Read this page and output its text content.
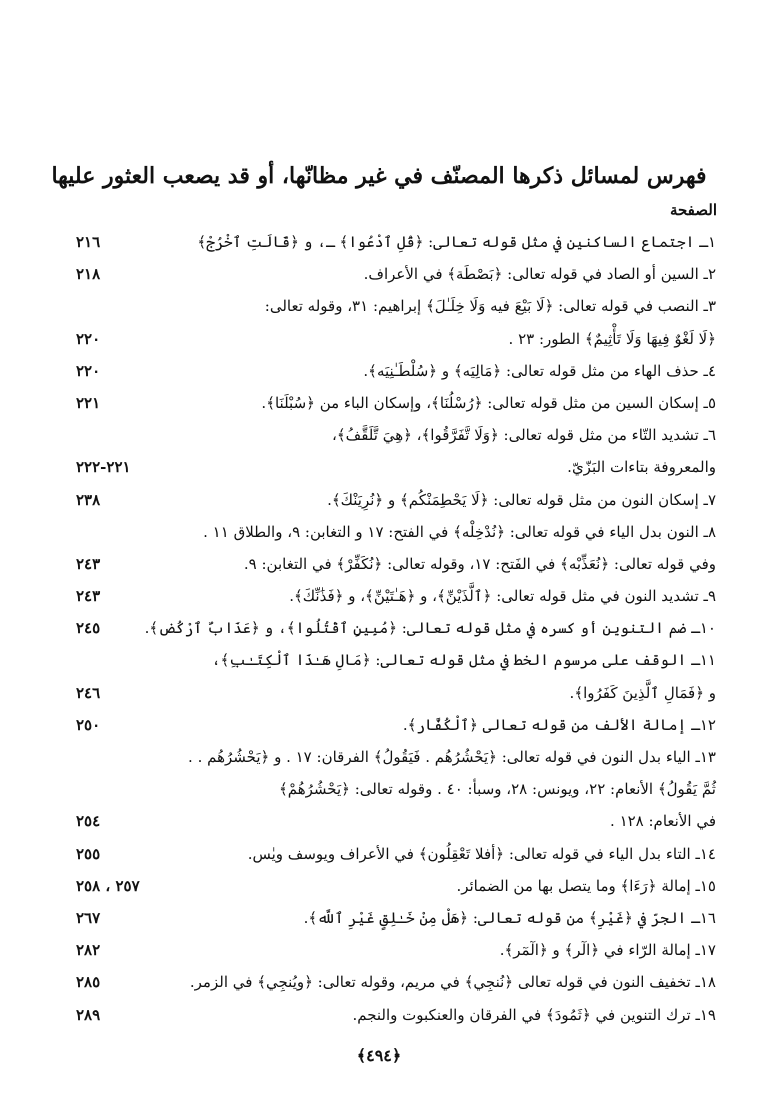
فهرس لمسائل ذكرها المصنّف في غير مظانّها، أو قد يصعب العثور عليها
الصفحة
١ـ اجتماع الساكنين في مثل قوله تعالى: ﴿قُلِ ٱدْعُوا﴾ ـ، و ﴿قَالَتِ ٱخْرُجْ﴾
٢١٦
٢ـ السين أو الصاد في قوله تعالى: ﴿بَصْطَة﴾ في الأعراف.
٢١٨
٣ـ النصب في قوله تعالى: ﴿لَا بَيْعَ فيه وَلَا خِلَـٰلَ﴾ إبراهيم: ٣١، وقوله تعالى:
﴿لَا لَغْوٌ فِيهَا وَلَا تَأْثِيمٌ﴾ الطور: ٢٣ .
٢٢٠
٤ـ حذف الهاء من مثل قوله تعالى: ﴿مَالِيَه﴾ و ﴿سُلْطَـٰنِيَه﴾.
٢٢٠
٥ـ إسكان السين من مثل قوله تعالى: ﴿رُسْلُنَا﴾، وإسكان الباء من ﴿سُبْلَنَا﴾.
٢٢١
٦ـ تشديد التّاء من مثل قوله تعالى: ﴿وَلَا تَّفَرَّقُوا﴾، ﴿هِيَ تَّلَقَّفُ﴾،
والمعروفة بتاءات البَزّيّ.
٢٢١-٢٢٢
٧ـ إسكان النون من مثل قوله تعالى: ﴿لَا يَحْطِمَنْكُم﴾ و ﴿نُرِيَنْكَ﴾.
٢٣٨
٨ـ النون بدل الياء في قوله تعالى: ﴿نُدْخِلْه﴾ في الفتح: ١٧ و التغابن: ٩، والطلاق ١١ .
وفي قوله تعالى: ﴿نُعَذِّبْه﴾ في الفَتح: ١٧، وقوله تعالى: ﴿نُكَفِّرْ﴾ في التغابن: ٩.
٢٤٣
٩ـ تشديد النون في مثل قوله تعالى: ﴿ٱلَّذَيْنِّ﴾، و ﴿هَـٰتَيْنِّ﴾، و ﴿فَذَٰنِّكَ﴾.
٢٤٣
١٠ـ ضم التنوين أو كسره في مثل قوله تعالى: ﴿مُبِينٍ ٱقْتُلُوا﴾، و ﴿عَذَابٌ ٱرْكُض﴾.
٢٤٥
١١ـ الوقف على مرسوم الخط في مثل قوله تعالى: ﴿مَالِ هَـٰذَا ٱلْكِتَـٰبِ﴾،
و ﴿فَمَالِ ٱلَّذِينَ كَفَرُوا﴾.
٢٤٦
١٢ـ إمالة الألف من قوله تعالى ﴿ٱلْكُفَّار﴾.
٢٥٠
١٣ـ الياء بدل النون في قوله تعالى: ﴿يَحْشُرُهُم . فَيَقُولُ﴾ الفرقان: ١٧ . و ﴿يَحْشُرُهُم . .
ثُمَّ يَقُولُ﴾ الأنعام: ٢٢، ويونس: ٢٨، وسبأ: ٤٠ . وقوله تعالى: ﴿يَحْشُرُهُمْ﴾
في الأنعام: ١٢٨ .
٢٥٤
١٤ـ التاء بدل الياء في قوله تعالى: ﴿أفلا تَعْقِلُون﴾ في الأعراف ويوسف ويٰس.
٢٥٥
١٥ـ إمالة ﴿رَءَا﴾ وما يتصل بها من الضمائر.
٢٥٧ ، ٢٥٨
١٦ـ الجرّ في ﴿غَيْرِ﴾ من قوله تعالى: ﴿هَلْ مِنْ خَـٰلِقٍ غَيْرِ ٱللَّه﴾.
٢٦٧
١٧ـ إمالة الرّاء في ﴿الٓر﴾ و ﴿الٓمٓر﴾.
٢٨٢
١٨ـ تخفيف النون في قوله تعالى ﴿نُنجِي﴾ في مريم، وقوله تعالى: ﴿ويُنجِي﴾ في الزمر.
٢٨٥
١٩ـ ترك التنوين في ﴿ثَمُودَ﴾ في الفرقان والعنكبوت والنجم.
٢٨٩
﴿٤٩٤﴾
